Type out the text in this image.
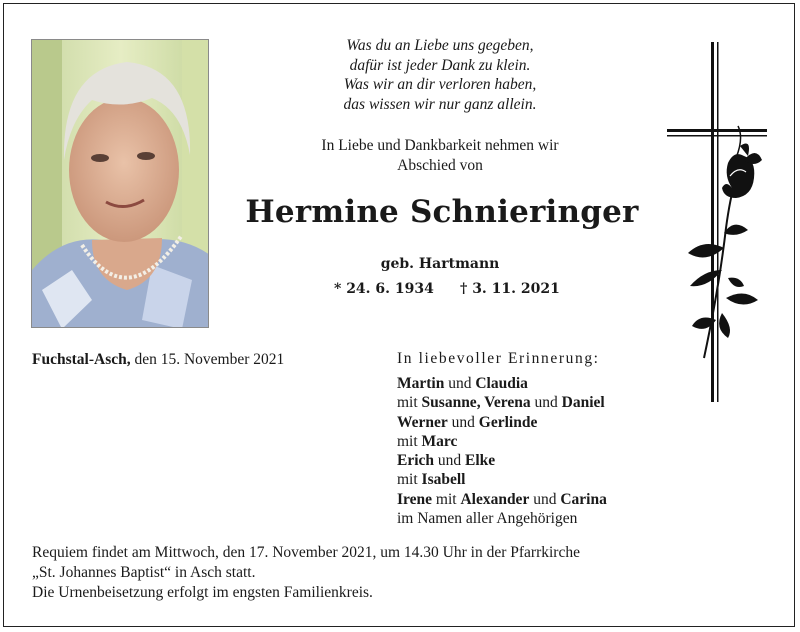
Was du an Liebe uns gegeben,
dafür ist jeder Dank zu klein.
Was wir an dir verloren haben,
das wissen wir nur ganz allein.
In Liebe und Dankbarkeit nehmen wir
Abschied von
Hermine Schnieringer
geb. Hartmann
* 24. 6. 1934 † 3. 11. 2021
Fuchstal-Asch, den 15. November 2021	In liebevoller Erinnerung:
Martin und Claudia
mit Susanne, Verena und Daniel
Werner und Gerlinde
mit Marc
Erich und Elke
mit Isabell
Irene mit Alexander und Carina
im Namen aller Angehörigen
Requiem findet am Mittwoch, den 17. November 2021, um 14.30 Uhr in der Pfarrkirche
„St. Johannes Baptist“ in Asch statt.
Die Urnenbeisetzung erfolgt im engsten Familienkreis.
